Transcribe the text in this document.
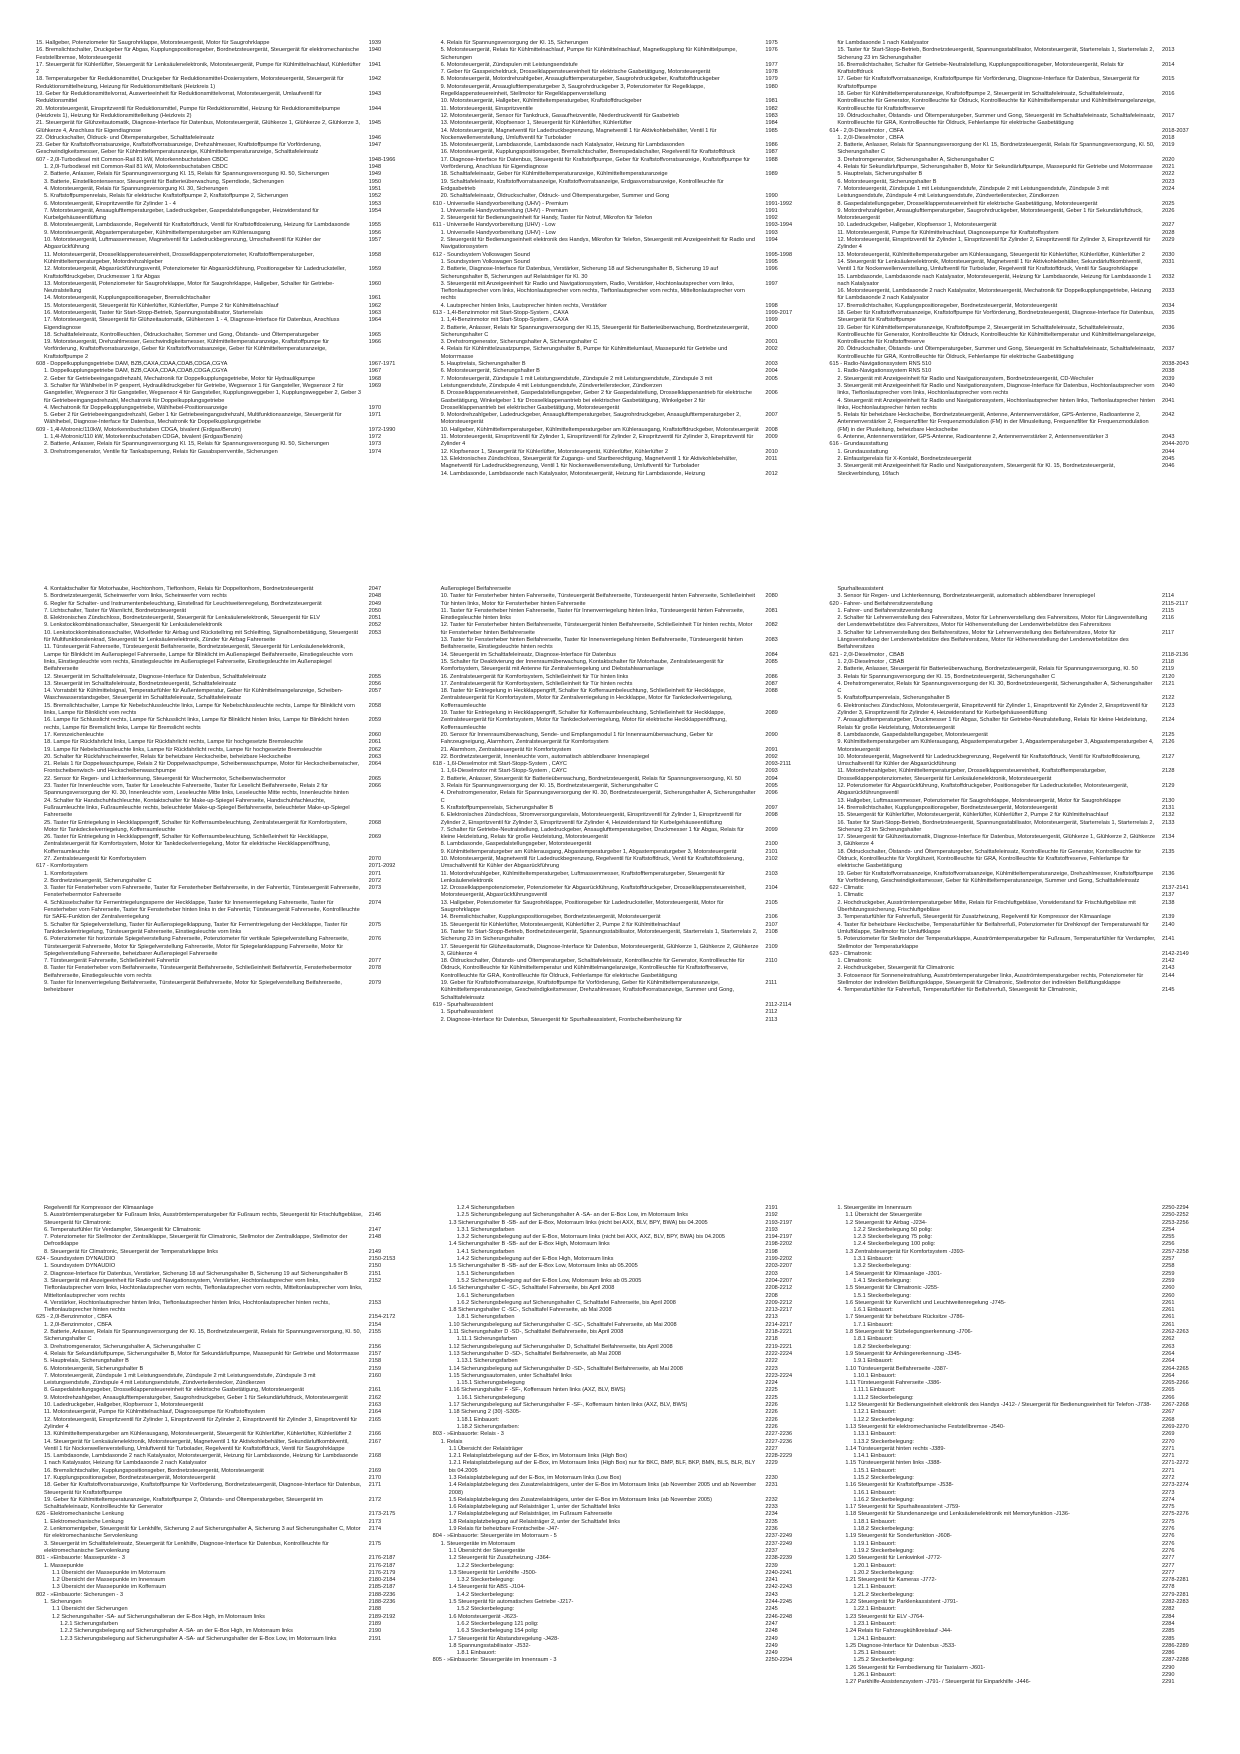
15. Hallgeber, Potenziometer für Saugrohrklappe, Motorsteuergerät, Motor für Saugrohrklappe	1939
16. Bremslichtschalter, Druckgeber für Abgas, Kupplungspositionsgeber, Bordnetzsteuergerät, Steuergerät für elektromechanische Feststellbremse, Motorsteuergerät
1940
17. Steuergerät für Kühlerlüfter, Steuergerät für Lenksäulenelektronik, Motorsteuergerät, Pumpe für Kühlmittelnachlauf, Kühlerlüfter 2
1941
18. Temperaturgeber für Reduktionsmittel, Druckgeber für Reduktionsmittel-Dosiersystem, Motorsteuergerät, Steuergerät für Reduktionsmittelheizung, Heizung für Reduktionsmitteltank (Heizkreis 1)
1942
19. Geber für Reduktionsmittelvorrat, Auswerteeinheit für Reduktionsmittelvorrat, Motorsteuergerät, Umlaufventil für Reduktionsmittel
1943
20. Motorsteuergerät, Einspritzventil für Reduktionsmittel, Pumpe für Reduktionsmittel, Heizung für Reduktionsmittelpumpe (Heizkreis 1), Heizung für Reduktionsmittelleitung (Heizkreis 2)
1944
21. Steuergerät für Glühzeitautomatik, Diagnose-Interface für Datenbus, Motorsteuergerät, Glühkerze 1, Glühkerze 2, Glühkerze 3, Glühkerze 4, Anschluss für Eigendiagnose
1945
22. Öldruckschalter, Öldruck- und Öltemperaturgeber, Schalttafeleinsatz	1946
23. Geber für Kraftstoffvorratsanzeige, Kraftstoffvorratsanzeige, Drehzahlmesser, Kraftstoffpumpe für Vorförderung, Geschwindigkeitsmesser, Geber für Kühlmitteltemperaturanzeige, Kühlmitteltemperaturanzeige, Schalttafeleinsatz
1947
607 - 2,0l-Turbodiesel mit Common-Rail 81 kW, Motorkennbuchstaben CBDC	1948-1966
1. 2,0l-Turbodiesel mit Common-Rail 81 kW, Motorkennbuchstaben CBDC	1948
2. Batterie, Anlasser, Relais für Spannungsversorgung Kl. 15, Relais für Spannungsversorgung Kl. 50, Sicherungen	1949
3. Batterie, Einstellkontensensor, Steuergerät für Batterieüberwachung, Sperrdiode, Sicherungen	1950
4. Motorsteuergerät, Relais für Spannungsversorgung Kl. 30, Sicherungen	1951
5. Kraftstoffpumpenrelais, Relais für elektrische Kraftstoffpumpe 2, Kraftstoffpumpe 2, Sicherungen	1952
6. Motorsteuergerät, Einspritzventile für Zylinder 1 - 4	1953
7. Motorsteuergerät, Ansauglufttemperaturgeber, Ladedruckgeber, Gaspedalstellungsgeber, Heizwiderstand für Kurbelgehäuseentlüftung
1954
8. Motorsteuergerät, Lambdasonde, Regelventil für Kraftstoffdruck, Ventil für Kraftstoffdosierung, Heizung für Lambdasonde	1955
9. Motorsteuergerät, Abgastemperaturgeber, Kühlmitteltemperaturgeber am Kühlerausgang	1956
10. Motorsteuergerät, Luftmassenmesser, Magnetventil für Ladedruckbegrenzung, Umschaltventil für Kühler der Abgasrückführung
1957
11. Motorsteuergerät, Drosselklappensteuereinheit, Drosselklappenpotenziometer, Kraftstofftemperaturgeber, Kühlmitteltemperaturgeber, Motordrehzahlgeber
1958
12. Motorsteuergerät, Abgasrückführungsventil, Potenziometer für Abgasrückführung, Positionsgeber für Ladedrucksteller, Kraftstoffdruckgeber, Druckmesser 1 für Abgas
1959
13. Motorsteuergerät, Potenziometer für Saugrohrklappe, Motor für Saugrohrklappe, Hallgeber, Schalter für Getriebe-Neutralstellung
1960
14. Motorsteuergerät, Kupplungspositionsgeber, Bremslichtschalter	1961
15. Motorsteuergerät, Steuergerät für Kühlerlüfter, Kühlerlüfter, Pumpe 2 für Kühlmittelnachlauf	1962
16. Motorsteuergerät, Taster für Start-Stopp-Betrieb, Spannungsstabilisator, Starterrelais	1963
17. Motorsteuergerät, Steuergerät für Glühzeitautomatik, Glühkerzen 1 - 4, Diagnose-Interface für Datenbus, Anschluss Eigendiagnose
1964
18. Schalttafeleinsatz, Kontrollleuchten, Öldruckschalter, Sommer und Gong, Ölstands- und Öltemperaturgeber	1965
19. Motorsteuergerät, Drehzahlmesser, Geschwindigkeitsmesser, Kühlmitteltemperaturanzeige, Kraftstoffpumpe für Vorförderung, Kraftstoffvorratsanzeige, Geber für Kraftstoffvorratsanzeige, Geber für Kühlmitteltemperaturanzeige, Kraftstoffpumpe 2
1966
608 - Doppelkupplungsgetriebe DAM, BZB,CAXA,CDAA,CDAB,CDGA,CGYA	1967-1971
1. Doppelkupplungsgetriebe DAM, BZB,CAXA,CDAA,CDAB,CDGA,CGYA	1967
2. Geber für Getriebeeingangsdrehzahl, Mechatronik für Doppelkupplungsgetriebe, Motor für Hydraulikpumpe	1968
3. Schalter für Wählhebel in P gesperrt, Hydraulikdruckgeber für Getriebe, Wegsensor 1 für Gangsteller, Wegsensor 2 für Gangsteller, Wegsensor 3 für Gangsteller, Wegsensor 4 für Gangsteller, Kupplungsweggeber 1, Kupplungsweggeber 2, Geber 3 für Getriebeeingangsdrehzahl, Mechatronik für Doppelkupplungsgetriebe
1969
4. Mechatronik für Doppelkupplungsgetriebe, Wählhebel-Positionsanzeige	1970
5. Geber 2 für Getriebeeingangsdrehzahl, Geber 1 für Getriebeeingangsdrehzahl, Multifunktionsanzeige, Steuergerät für Wählhebel, Diagnose-Interface für Datenbus, Mechatronik für Doppelkupplungsgetriebe
1971
609 - 1,4l-Motronic/110kW, Motorkennbuchstaben CDGA, bivalent (Erdgas/Benzin)	1972-1990
1. 1,4l-Motronic/110 kW, Motorkennbuchstaben CDGA, bivalent (Erdgas/Benzin)	1972
2. Batterie, Anlasser, Relais für Spannungsversorgung Kl. 15, Relais für Spannungsversorgung Kl. 50, Sicherungen	1973
3. Drehstromgenerator, Ventile für Tankabsperrung, Relais für Gasabsperrventile, Sicherungen	1974
4. Relais für Spannungsversorgung der Kl. 15, Sicherungen	1975
5. Motorsteuergerät, Relais für Kühlmittelnachlauf, Pumpe für Kühlmittelnachlauf, Magnetkupplung für Kühlmittelpumpe, Sicherungen
1976
6. Motorsteuergerät, Zündspulen mit Leistungsendstufe	1977
7. Geber für Gasspeicheldruck, Drosselklappensteuereinheit für elektrische Gasbetätigung, Motorsteuergerät	1978
8. Motorsteuergerät, Motordrehzahlgeber, Ansauglufttemperaturgeber, Saugrohrdruckgeber, Kraftstoffdruckgeber	1979
9. Motorsteuergerät, Ansauglufttemperaturgeber 3, Saugrohrdruckgeber 3, Potenziometer für Regelklappe, Regelklappensteuereinheit, Stellmotor für Regelklappenverstellung
1980
10. Motorsteuergerät, Hallgeber, Kühlmitteltemperaturgeber, Kraftstoffdruckgeber	1981
11. Motorsteuergerät, Einspritzventile	1982
12. Motorsteuergerät, Sensor für Tankdruck, Gasaufheizventile, Niederdruckventil für Gasbetrieb	1983
13. Motorsteuergerät, Klopfsensor 1, Steuergerät für Kühlerlüfter, Kühlerlüfter	1984
14. Motorsteuergerät, Magnetventil für Ladedruckbegrenzung, Magnetventil 1 für Aktivkohlebehälter, Ventil 1 für Nockenwellenverstellung, Umluftventil für Turbolader
1985
15. Motorsteuergerät, Lambdasonde, Lambdasonde nach Katalysator, Heizung für Lambdasonden	1986
16. Motorsteuergerät, Kupplungspositionsgeber, Bremslichtschalter, Bremspedalschalter, Regelventil für Kraftstoffdruck	1987
17. Diagnose-Interface für Datenbus, Steuergerät für Kraftstoffpumpe, Geber für Kraftstoffvorratsanzeige, Kraftstoffpumpe für Vorförderung, Anschluss für Eigendiagnose
1988
18. Schalttafeleinsatz, Geber für Kühlmitteltemperaturanzeige, Kühlmitteltemperaturanzeige	1989
19. Schalttafeleinsatz, Kraftstoffvorratsanzeige, Kraftstoffvorratsanzeige, Erdgasvorratsanzeige, Kontrollleuchte für Erdgasbetrieb
20. Schalttafeleinsatz, Öldruckschalter, Öldruck- und Öltemperaturgeber, Summer und Gong	1990
610 - Universelle Handyvorbereitung (UHV) - Premium	1991-1992
1. Universelle Handyvorbereitung (UHV) - Premium	1991
2. Steuergerät für Bedienungseinheit für Handy, Taster für Notruf, Mikrofon für Telefon	1992
611 - Universelle Handyvorbereitung (UHV) - Low	1993-1994
1. Universelle Handyvorbereitung (UHV) - Low	1993
2. Steuergerät für Bedienungseinheit elektronik des Handys, Mikrofon für Telefon, Steuergerät mit Anzeigeeinheit für Radio und Navigationssystem
1994
612 - Soundsystem Volkswagen Sound	1995-1998
1. Soundsystem Volkswagen Sound	1995
2. Batterie, Diagnose-Interface für Datenbus, Verstärker, Sicherung 18 auf Sicherungshalter B, Sicherung 19 auf Sicherungshalter B, Sicherungen auf Relaisträger für Kl. 30
1996
3. Steuergerät mit Anzeigeeinheit für Radio und Navigationssystem, Radio, Verstärker, Hochtonlautsprecher vorn links, Tieftonlautsprecher vorn links, Hochtonlautsprecher vorn rechts, Tieftonlautsprecher vorn rechts, Mitteltonlautsprecher vorn rechts
1997
4. Lautsprecher hinten links, Lautsprecher hinten rechts, Verstärker	1998
613 - 1,4l-Benzinmotor mit Start-Stopp-System , CAXA	1999-2017
1. 1,4l-Benzinmotor mit Start-Stopp-System , CAXA	1999
2. Batterie, Anlasser, Relais für Spannungsversorgung der Kl.15, Steuergerät für Batterieüberwachung, Bordnetzsteuergerät, Sicherungshalter C
2000
3. Drehstromgenerator, Sicherungshalter A, Sicherungshalter C	2001
4. Relais für Kühlmittelzusatzpumpe, Sicherungshalter B, Pumpe für Kühlmittelumlauf, Massepunkt für Getriebe und Motorrmasse
2002
5. Hauptrelais, Sicherungshalter B	2003
6. Motorsteuergerät, Sicherungshalter B	2004
7. Motorsteuergerät, Zündspule 1 mit Leistungsendstufe, Zündspule 2 mit Leistungsendstufe, Zündspule 3 mit Leistungsendstufe, Zündspule 4 mit Leistungsendstufe, Zündverteilerstecker, Zündkerzen
2005
8. Drosselklappensteuereinheit, Gaspedalstellungsgeber, Geber 2 für Gaspedalstellung, Drosselklappenantrieb für elektrische Gasbetätigung, Winkelgeber 1 für Drosselklappenantrieb bei elektrischer Gasbetätigung, Winkelgeber 2 für Drosselklappenantrieb bei elektrischer Gasbetätigung, Motorsteuergerät
2006
9. Motordrehzahlgeber, Ladedruckgeber, Ansauglufttemperaturgeber, Saugrohrdruckgeber, Ansauglufttemperaturgeber 2, Motorsteuergerät
2007
10. Hallgeber, Kühlmitteltemperaturgeber, Kühlmitteltemperaturgeber am Kühlerausgang, Kraftstoffdruckgeber, Motorsteuergerät	2008
11. Motorsteuergerät, Einspritzventil für Zylinder 1, Einspritzventil für Zylinder 2, Einspritzventil für Zylinder 3, Einspritzventil für Zylinder 4
2009
12. Klopfsensor 1, Steuergerät für Kühlerlüfter, Motorsteuergerät, Kühlerlüfter, Kühlerlüfter 2	2010
13. Elektronisches Zündschloss, Steuergerät für Zugangs- und Startberechtigung, Magnetventil 1 für Aktivkohlebehälter, Magnetventil für Ladedruckbegrenzung, Ventil 1 für Nockenwellenverstellung, Umluftventil für Turbolader
2011
14. Lambdasonde, Lambdasonde nach Katalysator, Motorsteuergerät, Heizung für Lambdasonde, Heizung	2012
für Lambdasonde 1 nach Katalysator
15. Taster für Start-Stopp-Betrieb, Bordnetzsteuergerät, Spannungsstabilisator, Motorsteuergerät, Starterrelais 1, Starterrelais 2, Sicherung 23 im Sicherungshalter
2013
16. Bremslichtschalter, Schalter für Getriebe-Neutralstellung, Kupplungspositionsgeber, Motorsteuergerät, Relais für Kraftstoffdruck
2014
17. Geber für Kraftstoffvorratsanzeige, Kraftstoffpumpe für Vorförderung, Diagnose-Interface für Datenbus, Steuergerät für Kraftstoffpumpe
2015
18. Geber für Kühlmitteltemperaturanzeige, Kraftstoffpumpe 2, Steuergerät im Schalttafeleinsatz, Schalttafeleinsatz, Kontrollleuchte für Generator, Kontrollleuchte für Öldruck, Kontrollleuchte für Kühlmitteltemperatur und Kühlmittelmangelanzeige, Kontrollleuchte für Kraftstoffreserve
2016
19. Öldruckschalter, Ölstands- und Öltemperaturgeber, Summer und Gong, Steuergerät im Schalttafeleinsatz, Schalttafeleinsatz, Kontrollleuchte für GRA, Kontrollleuchte für Öldruck, Fehlerlampe für elektrische Gasbetätigung
2017
614 - 2,0l-Dieselmotor , CBFA	2018-2037
1. 2,0l-Dieselmotor , CBFA	2018
2. Batterie, Anlasser, Relais für Spannungsversorgung der Kl. 15, Bordnetzsteuergerät, Relais für Spannungsversorgung, Kl. 50, Sicherungshalter C
2019
3. Drehstromgenerator, Sicherungshalter A, Sicherungshalter C	2020
4. Relais für Sekundärluftpumpe, Sicherungshalter B, Motor für Sekundärluftpumpe, Massepunkt für Getriebe und Motorrmasse	2021
5. Hauptrelais, Sicherungshalter B	2022
6. Motorsteuergerät, Sicherungshalter B	2023
7. Motorsteuergerät, Zündspule 1 mit Leistungsendstufe, Zündspule 2 mit Leistungsendstufe, Zündspule 3 mit Leistungsendstufe, Zündspule 4 mit Leistungsendstufe, Zündverteilerstecker, Zündkerzen
2024
8. Gaspedalstellungsgeber, Drosselklappensteuereinheit für elektrische Gasbetätigung, Motorsteuergerät	2025
9. Motordrehzahlgeber, Ansauglufttemperaturgeber, Saugrohrdruckgeber, Motorsteuergerät, Geber 1 für Sekundärluftdruck, Motorsteuergerät
2026
10. Ladedruckgeber, Hallgeber, Klopfsensor 1, Motorsteuergerät	2027
11. Motorsteuergerät, Pumpe für Kühlmittelnachlauf, Diagnosepumpe für Kraftstoffsystem	2028
12. Motorsteuergerät, Einspritzventil für Zylinder 1, Einspritzventil für Zylinder 2, Einspritzventil für Zylinder 3, Einspritzventil für Zylinder 4
2029
13. Motorsteuergerät, Kühlmitteltemperaturgeber am Kühlerausgang, Steuergerät für Kühlerlüfter, Kühlerlüfter, Kühlerlüfter 2	2030
14. Steuergerät für Lenksäulenelektronik, Motorsteuergerät, Magnetventil 1 für Aktivkohlebehälter, Sekundärluftkombiventil, Ventil 1 für Nockenwellenverstellung, Umluftventil für Turbolader, Regelventil für Kraftstoffdruck, Ventil für Saugrohrklappe
2031
15. Lambdasonde, Lambdasonde nach Katalysator, Motorsteuergerät, Heizung für Lambdasonde, Heizung für Lambdasonde 1 nach Katalysator
2032
16. Motorsteuergerät, Lambdasonde 2 nach Katalysator, Motorsteuergerät, Mechatronik für Doppelkupplungsgetriebe, Heizung für Lambdasonde 2 nach Katalysator
2033
17. Bremslichtschalter, Kupplungspositionsgeber, Bordnetzsteuergerät, Motorsteuergerät	2034
18. Geber für Kraftstoffvorratsanzeige, Kraftstoffpumpe für Vorförderung, Bordnetzsteuergerät, Diagnose-Interface für Datenbus, Steuergerät für Kraftstoffpumpe
2035
19. Geber für Kühlmitteltemperaturanzeige, Kraftstoffpumpe 2, Steuergerät im Schalttafeleinsatz, Schalttafeleinsatz, Kontrollleuchte für Generator, Kontrollleuchte für Öldruck, Kontrollleuchte für Kühlmitteltemperatur und Kühlmittelmangelanzeige, Kontrollleuchte für Kraftstoffreserve
2036
20. Öldruckschalter, Ölstands- und Öltemperaturgeber, Summer und Gong, Steuergerät im Schalttafeleinsatz, Schalttafeleinsatz, Kontrollleuchte für GRA, Kontrollleuchte für Öldruck, Fehlerlampe für elektrische Gasbetätigung
2037
615 - Radio-Navigationssystem RNS 510	2038-2043
1. Radio-Navigationssystem RNS 510	2038
2. Steuergerät mit Anzeigeeinheit für Radio und Navigationssystem, Bordnetzsteuergerät, CD-Wechsler	2039
3. Steuergerät mit Anzeigeeinheit für Radio und Navigationssystem, Diagnose-Interface für Datenbus, Hochtonlautsprecher vorn links, Tieftonlautsprecher vorn links, Hochtonlautsprecher vorn rechts
2040
4. Steuergerät mit Anzeigeeinheit für Radio und Navigationssystem, Hochtonlautsprecher hinten links, Tieftonlautsprecher hinten links, Hochtonlautsprecher hinten rechts
2041
5. Relais für beheizbare Heckscheibe, Bordnetzsteuergerät, Antenne, Antennenverstärker, GPS-Antenne, Radioantenne 2, Antennenverstärker 2, Frequenzfilter für Frequenzmodulation (FM) in der Minusleitung, Frequenzfilter für Frequenzmodulation (FM) in der Plusleitung, beheizbare Heckscheibe
2042
6. Antenne, Antennenverstärker, GPS-Antenne, Radioantenne 2, Antennenverstärker 2, Antennenverstärker 3	2043
616 - Grundausstattung	2044-2070
1. Grundausstattung	2044
2. Einfaustgerelais für X-Kontakt, Bordnetzsteuergerät	2045
3. Steuergerät mit Anzeigeeinheit für Radio und Navigationssystem, Steuergerät für Kl. 15, Bordnetzsteuergerät, Steckverbindung, 16fach
2046
4. Kontaktschalter für Motorhaube, Hochtonhorn, Tieftonhorn, Relais für Doppeltonhorn, Bordnetzsteuergerät	2047
5. Bordnetzsteuergerät, Scheinwerfer vorn links, Scheinwerfer vorn rechts	2048
6. Regler für Schalter- und Instrumentenbeleuchtung, Einstellrad für Leuchtweitenregelung, Bordnetzsteuergerät	2049
7. Lichtschalter, Taster für Warnlicht, Bordnetzsteuergerät	2050
8. Elektronisches Zündschloss, Bordnetzsteuergerät, Steuergerät für Lenksäulenelektronik, Steuergerät für ELV	2051
9. Lenkstockkombinationsschalter, Steuergerät für Lenksäulenelektronik	2052
10. Lenkstockkombinationsschalter, Wickelfeder für Airbag und Rückstellring mit Schleifring, Signalhornbetätigung, Steuergerät für Multifunktionslenkrad, Steuergerät für Lenksäulenelektronik, Zünder für Airbag Fahrerseite
2053
11. Türsteuergerät Fahrerseite, Türsteuergerät Beifahrerseite, Bordnetzsteuergerät, Steuergerät für Lenksäulenelektronik, Lampe für Blinklicht im Außenspiegel Fahrerseite, Lampe für Blinklicht im Außenspiegel Beifahrerseite, Einstiegsleuchte vorn links, Einstiegsleuchte vorn rechts, Einstiegsleuchte im Außenspiegel Fahrerseite, Einstiegsleuchte im Außenspiegel Beifahrerseite
12. Steuergerät im Schalttafeleinsatz, Diagnose-Interface für Datenbus, Schalttafeleinsatz	2055
13. Steuergerät im Schalttafeleinsatz, Bordnetzsteuergerät, Schalttafeleinsatz	2056
14. Vorratsbit für Kühlmittelsignal, Temperaturfühler für Außentemperatur, Geber für Kühlmittelmangelanzeige, Scheiben-Waschwasserstandsgeber, Steuergerät im Schalttafeleinsatz, Schalttafeleinsatz
2057
15. Bremslichtschalter, Lampe für Nebelschlussleuchte links, Lampe für Nebelschlussleuchte rechts, Lampe für Blinklicht vorn links, Lampe für Blinklicht vorn rechts
2058
16. Lampe für Schlusslicht rechts, Lampe für Schlusslicht links, Lampe für Blinklicht hinten links, Lampe für Blinklicht hinten rechts, Lampe für Bremslicht links, Lampe für Bremslicht rechts
2059
17. Kennzeichenleuchte	2060
18. Lampe für Rückfahrlicht links, Lampe für Rückfahrlicht rechts, Lampe für hochgesetzte Bremsleuchte	2061
19. Lampe für Nebelschlussleuchte links, Lampe für Rückfahrlicht rechts, Lampe für hochgesetzte Bremsleuchte	2062
20. Schalter für Rückfahrscheinwerfer, Relais für beheizbare Heckscheibe, beheizbare Heckscheibe	2063
21. Relais 1 für Doppelwaschpumpe, Relais 2 für Doppelwaschpumpe, Scheibenwaschpumpe, Motor für Heckscheibenwischer, Frontscheibenwisch- und Heckscheibenwaschpumpe
2064
22. Sensor für Regen- und Lichterkennung, Steuergerät für Wischermotor, Scheibenwischermotor	2065
23. Taster für Innenleuchte vorn, Taster für Leseleuchte Fahrerseite, Taster für Leselicht Beifahrerseite, Relais 2 für Spannungsversorgung der Kl. 30, Innenleuchte vorn, Leseleuchte Mitte links, Leseleuchte Mitte rechts, Innenleuchte hinten
2066
24. Schalter für Handschuhfachleuchte, Kontaktschalter für Make-up-Spiegel Fahrerseite, Handschuhfachleuchte, Fußraumleuchte links, Fußraumleuchte rechts, beleuchteter Make-up-Spiegel Beifahrerseite, beleuchteter Make-up-Spiegel Fahrerseite
25. Taster für Entriegelung in Heckklappengriff, Schalter für Kofferraumbeleuchtung, Zentralsteuergerät für Komfortsystem, Motor für Tankdeckelverriegelung, Kofferraumleuchte
2068
26. Taster für Entriegelung in Heckklappengriff, Schalter für Kofferraumbeleuchtung, Schließeinheit für Heckklappe, Zentralsteuergerät für Komfortsystem, Motor für Tankdeckelverriegelung, Motor für elektrische Heckklappenöffnung, Kofferraumleuchte
2069
27. Zentralsteuergerät für Komfortsystem	2070
617 - Komfortsystem	2071-2092
1. Komfortsystem	2071
2. Bordnetzsteuergerät, Sicherungshalter C	2072
3. Taster für Fensterheber vorn Fahrerseite, Taster für Fensterheber Beifahrerseite, in der Fahrertür, Türsteuergerät Fahrerseite, Fensterhebermotor Fahrerseite
2073
4. Schlüsselschalter für Fernentriegelungssperre der Heckklappe, Taster für Innenverriegelung Fahrerseite, Taster für Fensterheber vorn Fahrerseite, Taster für Fensterheber hinten links in der Fahrertür, Türsteuergerät Fahrerseite, Kontrollleuchte für SAFE-Funktion der Zentralverriegelung
2074
5. Schalter für Spiegelverstellung, Taster für Außenspiegelklappung, Taster für Fernentriegelung der Heckklappe, Taster für Tankdeckelentriegelung, Türsteuergerät Fahrerseite, Einstiegsleuchte vorn links
2075
6. Potenziometer für horizontale Spiegelverstellung Fahrerseite, Potenziometer für vertikale Spiegelverstellung Fahrerseite, Türsteuergerät Fahrerseite, Motor für Spiegelverstellung Fahrerseite, Motor für Spiegelanklappung Fahrerseite, Motor für Spiegelverstellung Fahrerseite, beheizbarer Außenspiegel Fahrerseite
2076
7. Türsteuergerät Fahrerseite, Schließeinheit Fahrertür	2077
8. Taster für Fensterheber vorn Beifahrerseite, Türsteuergerät Beifahrerseite, Schließeinheit Beifahrertür, Fensterhebermotor Beifahrerseite, Einstiegsleuchte vorn rechts
2078
9. Taster für Innenverriegelung Beifahrerseite, Türsteuergerät Beifahrerseite, Motor für Spiegelverstellung Beifahrerseite, beheizbarer
2079
Außenspiegel Beifahrerseite
10. Taster für Fensterheber hinten Fahrerseite, Türsteuergerät Beifahrerseite, Türsteuergerät hinten Fahrerseite, Schließeinheit Tür hinten links, Motor für Fensterheber hinten Fahrerseite
2080
11. Taster für Fensterheber hinten Fahrerseite, Taster für Innenverriegelung hinten links, Türsteuergerät hinten Fahrerseite, Einstiegsleuchte hinten links
2081
12. Taster für Fensterheber hinten Beifahrerseite, Türsteuergerät hinten Beifahrerseite, Schließeinheit Tür hinten rechts, Motor für Fensterheber hinten Beifahrerseite
2082
13. Taster für Fensterheber hinten Beifahrerseite, Taster für Innenverriegelung hinten Beifahrerseite, Türsteuergerät hinten Beifahrerseite, Einstiegsleuchte hinten rechts
2083
14. Steuergerät im Schalttafeleinsatz, Diagnose-Interface für Datenbus	2084
15. Schalter für Deaktivierung der Innenraumüberwachung, Kontaktschalter für Motorhaube, Zentralsteuergerät für Komfortsystem, Steuergerät mit Antenne für Zentralverriegelung und Diebstahlwarnanlage
2085
16. Zentralsteuergerät für Komfortsystem, Schließeinheit für Tür hinten links	2086
17. Zentralsteuergerät für Komfortsystem, Schließeinheit für Tür hinten rechts	2087
18. Taster für Entriegelung in Heckklappengriff, Schalter für Kofferraumbeleuchtung, Schließeinheit für Heckklappe, Zentralsteuergerät für Komfortsystem, Motor für Zentralverriegelung in Heckklappe, Motor für Tankdeckelverriegelung, Kofferraumleuchte
2088
19. Taster für Entriegelung in Heckklappengriff, Schalter für Kofferraumbeleuchtung, Schließeinheit für Heckklappe, Zentralsteuergerät für Komfortsystem, Motor für Tankdeckelverriegelung, Motor für elektrische Heckklappenöffnung, Kofferraumleuchte
2089
20. Sensor für Innenraumüberwachung, Sende- und Empfangsmodul 1 für Innenraumüberwachung, Geber für Fahrzeugneigung, Alarmhorn, Zentralsteuergerät für Komfortsystem
2090
21. Alarmhorn, Zentralsteuergerät für Komfortsystem	2091
22. Bordnetzsteuergerät, Innenleuchte vorn, automatisch abblendbarer Innenspiegel	2092
618 - 1,6l-Dieselmotor mit Start-Stopp-System , CAYC	2093-2111
1. 1,6l-Dieselmotor mit Start-Stopp-System , CAYC	2093
2. Batterie, Anlasser, Steuergerät für Batterieüberwachung, Bordnetzsteuergerät, Relais für Spannungsversorgung, Kl. 50	2094
3. Relais für Spannungsversorgung der Kl. 15, Bordnetzsteuergerät, Sicherungshalter C	2095
4. Drehstromgenerator, Relais für Spannungsversorgung der Kl. 30, Bordnetzsteuergerät, Sicherungshalter A, Sicherungshalter C
2096
5. Kraftstoffpumpenrelais, Sicherungshalter B	2097
6. Elektronisches Zündschloss, Stromversorgungsrelais, Motorsteuergerät, Einspritzventil für Zylinder 1, Einspritzventil für Zylinder 2, Einspritzventil für Zylinder 3, Einspritzventil für Zylinder 4, Heizwiderstand für Kurbelgehäuseentlüftung
2098
7. Schalter für Getriebe-Neutralstellung, Ladedruckgeber, Ansauglufttemperaturgeber, Druckmesser 1 für Abgas, Relais für kleine Heizleistung, Relais für große Heizleistung, Motorsteuergerät
2099
8. Lambdasonde, Gaspedalstellungsgeber, Motorsteuergerät	2100
9. Kühlmitteltemperaturgeber am Kühlerausgang, Abgastemperaturgeber 1, Abgastemperaturgeber 3, Motorsteuergerät	2101
10. Motorsteuergerät, Magnetventil für Ladedruckbegrenzung, Regelventil für Kraftstoffdruck, Ventil für Kraftstoffdosierung, Umschaltventil für Kühler der Abgasrückführung
2102
11. Motordrehzahlgeber, Kühlmitteltemperaturgeber, Luftmassenmesser, Kraftstofftemperaturgeber, Steuergerät für Lenksäulenelektronik
2103
12. Drosselklappenpotenziometer, Potenziometer für Abgasrückführung, Kraftstoffdruckgeber, Drosselklappensteuereinheit, Motorsteuergerät, Abgasrückführungsventil
2104
13. Hallgeber, Potenziometer für Saugrohrklappe, Positionsgeber für Ladedrucksteller, Motorsteuergerät, Motor für Saugrohrklappe
2105
14. Bremslichtschalter, Kupplungspositionsgeber, Bordnetzsteuergerät, Motorsteuergerät	2106
15. Steuergerät für Kühlerlüfter, Motorsteuergerät, Kühlerlüfter 2, Pumpe 2 für Kühlmittelnachlauf	2107
16. Taster für Start-Stopp-Betrieb, Bordnetzsteuergerät, Spannungsstabilisator, Motorsteuergerät, Starterrelais 1, Starterrelais 2, Sicherung 23 im Sicherungshalter
2108
17. Steuergerät für Glühzeitautomatik, Diagnose-Interface für Datenbus, Motorsteuergerät, Glühkerze 1, Glühkerze 2, Glühkerze 3, Glühkerze 4
2109
18. Öldruckschalter, Ölstands- und Öltemperaturgeber, Schalttafeleinsatz, Kontrollleuchte für Generator, Kontrollleuchte für Öldruck, Kontrollleuchte für Kühlmitteltemperatur und Kühlmittelmangelanzeige, Kontrollleuchte für Kraftstoffreserve, Kontrollleuchte für GRA, Kontrollleuchte für Öldruck, Fehlerlampe für elektrische Gasbetätigung
2110
19. Geber für Kraftstoffvorratsanzeige, Kraftstoffpumpe für Vorförderung, Geber für Kühlmitteltemperaturanzeige, Kühlmitteltemperaturanzeige, Geschwindigkeitsmesser, Drehzahlmesser, Kraftstoffvorratsanzeige, Summer und Gong, Schalttafeleinsatz
2111
619 - Spurhalteassistent	2112-2114
1. Spurhalteassistent	2112
2. Diagnose-Interface für Datenbus, Steuergerät für Spurhalteassistent, Frontscheibenheizung für	2113
Spurhalteassistent
3. Sensor für Regen- und Lichterkennung, Bordnetzsteuergerät, automatisch abblendbarer Innenspiegel	2114
620 - Fahrer- und Beifahrersitzverstellung	2115-2117
1. Fahrer- und Beifahrersitzverstellung	2115
2. Schalter für Lehnenverstellung des Fahrersitzes, Motor für Lehnenverstellung des Fahrersitzes, Motor für Längsverstellung der Lendenwirbelstütze des Fahrersitzes, Motor für Höhenverstellung der Lendenwirbelstütze des Fahrersitzes
2116
3. Schalter für Lehnenverstellung des Beifahrersitzes, Motor für Lehnenverstellung des Beifahrersitzes, Motor für Längsverstellung der Lendenwirbelstütze des Beifahrersitzes, Motor für Höhenverstellung der Lendenwirbelstütze des Beifahrersitzes
2117
621 - 2,0l-Dieselmotor , CBAB	2118-2136
1. 2,0l-Dieselmotor , CBAB	2118
2. Batterie, Anlasser, Steuergerät für Batterieüberwachung, Bordnetzsteuergerät, Relais für Spannungsversorgung, Kl. 50	2119
3. Relais für Spannungsversorgung der Kl. 15, Bordnetzsteuergerät, Sicherungshalter C	2120
4. Drehstromgenerator, Relais für Spannungsversorgung der Kl. 30, Bordnetzsteuergerät, Sicherungshalter A, Sicherungshalter C
2121
5. Kraftstoffpumpenrelais, Sicherungshalter B	2122
6. Elektronisches Zündschloss, Motorsteuergerät, Einspritzventil für Zylinder 1, Einspritzventil für Zylinder 2, Einspritzventil für Zylinder 3, Einspritzventil für Zylinder 4, Heizwiderstand für Kurbelgehäuseentlüftung
2123
7. Ansauglufttemperaturgeber, Druckmesser 1 für Abgas, Schalter für Getriebe-Neutralstellung, Relais für kleine Heizleistung, Relais für große Heizleistung, Motorsteuergerät
2124
8. Lambdasonde, Gaspedalstellungsgeber, Motorsteuergerät	2125
9. Kühlmitteltemperaturgeber am Kühlerausgang, Abgastemperaturgeber 1, Abgastemperaturgeber 3, Abgastemperaturgeber 4, Motorsteuergerät
2126
10. Motorsteuergerät, Magnetventil für Ladedruckbegrenzung, Regelventil für Kraftstoffdruck, Ventil für Kraftstoffdosierung, Umschaltventil für Kühler der Abgasrückführung
2127
11. Motordrehzahlgeber, Kühlmitteltemperaturgeber, Drosselklappensteuereinheit, Kraftstofftemperaturgeber, Drosselklappenpotenziometer, Steuergerät für Lenksäulenelektronik, Motorsteuergerät
2128
12. Potenziometer für Abgasrückführung, Kraftstoffdruckgeber, Positionsgeber für Ladedrucksteller, Motorsteuergerät, Abgasrückführungsventil
2129
13. Hallgeber, Luftmassenmesser, Potenziometer für Saugrohrklappe, Motorsteuergerät, Motor für Saugrohrklappe	2130
14. Bremslichtschalter, Kupplungspositionsgeber, Bordnetzsteuergerät, Motorsteuergerät	2131
15. Steuergerät für Kühlerlüfter, Motorsteuergerät, Kühlerlüfter, Kühlerlüfter 2, Pumpe 2 für Kühlmittelnachlauf	2132
16. Taster für Start-Stopp-Betrieb, Bordnetzsteuergerät, Spannungsstabilisator, Motorsteuergerät, Starterrelais 1, Starterrelais 2, Sicherung 23 im Sicherungshalter
2133
17. Steuergerät für Glühzeitautomatik, Diagnose-Interface für Datenbus, Motorsteuergerät, Glühkerze 1, Glühkerze 2, Glühkerze 3, Glühkerze 4
2134
18. Öldruckschalter, Ölstands- und Öltemperaturgeber, Schalttafeleinsatz, Kontrollleuchte für Generator, Kontrollleuchte für Öldruck, Kontrollleuchte für Vorglühzeit, Kontrollleuchte für GRA, Kontrollleuchte für Kraftstoffreserve, Fehlerlampe für elektrische Gasbetätigung
2135
19. Geber für Kraftstoffvorratsanzeige, Kraftstoffvorratsanzeige, Kühlmitteltemperaturanzeige, Drehzahlmesser, Kraftstoffpumpe für Vorförderung, Geschwindigkeitsmesser, Geber für Kühlmitteltemperaturanzeige, Summer und Gong, Schalttafeleinsatz
2136
622 - Climatic	2137-2141
1. Climatic	2137
2. Hochdruckgeber, Ausströmtemperaturgeber Mitte, Relais für Frischluftgebläse, Vorwiderstand für Frischluftgebläse mit Überhitzungssicherung, Frischluftgebläse
2138
3. Temperaturfühler für Fahrerfuß, Steuergerät für Zusatzheizung, Regelventil für Kompressor der Klimaanlage	2139
4. Taster für beheizbare Heckscheibe, Temperaturfühler für Beifahrerfuß, Potenziometer für Drehknopf der Temperaturwahl für Umluftklappe, Stellmotor für Umluftklappe
2140
5. Potenziometer für Stellmotor der Temperaturklappe, Ausströmtemperaturgeber für Fußraum, Temperaturfühler für Verdampfer, Stellmotor der Temperaturklappe
2141
623 - Climatronic	2142-2149
1. Climatronic	2142
2. Hochdruckgeber, Steuergerät für Climatronic	2143
3. Fotosensor für Sonneneinstrahlung, Ausströmtemperaturgeber links, Ausströmtemperaturgeber rechts, Potenziometer für Stellmotor der indirekten Belüftungsklappe, Steuergerät für Climatronic, Stellmotor der indirekten Belüftungsklappe
2144
4. Temperaturfühler für Fahrerfuß, Temperaturfühler für Beifahrerfuß, Steuergerät für Climatronic,	2145
Regelventil für Kompressor der Klimaanlage
5. Ausströmtemperaturgeber für Fußraum links, Ausströmtemperaturgeber für Fußraum rechts, Steuergerät für Frischluftgebläse, Steuergerät für Climatronic
2146
6. Temperaturfühler für Verdampfer, Steuergerät für Climatronic	2147
7. Potenziometer für Stellmotor der Zentralklappe, Steuergerät für Climatronic, Stellmotor der Zentralklappe, Stellmotor der Defrostklappe
2148
8. Steuergerät für Climatronic, Steuergerät der Temperaturklappe links	2149
624 - Soundsystem DYNAUDIO	2150-2153
1. Soundsystem DYNAUDIO	2150
2. Diagnose-Interface für Datenbus, Verstärker, Sicherung 18 auf Sicherungshalter B, Sicherung 19 auf Sicherungshalter B	2151
3. Steuergerät mit Anzeigeeinheit für Radio und Navigationssystem, Verstärker, Hochtonlautsprecher vorn links, Tieftonlautsprecher vorn links, Hochtonlautsprecher vorn rechts, Tieftonlautsprecher vorn rechts, Mitteltonlautsprecher vorn links, Mitteltonlautsprecher vorn rechts
2152
4. Verstärker, Hochtonlautsprecher hinten links, Tieftonlautsprecher hinten links, Hochtonlautsprecher hinten rechts, Tieftonlautsprecher hinten rechts
2153
625 - 2,0l-Benzinmotor , CBFA	2154-2172
1. 2,0l-Benzinmotor , CBFA	2154
2. Batterie, Anlasser, Relais für Spannungsversorgung der Kl. 15, Bordnetzsteuergerät, Relais für Spannungsversorgung, Kl. 50, Sicherungshalter C
2155
3. Drehstromgenerator, Sicherungshalter A, Sicherungshalter C	2156
4. Relais für Sekundärluftpumpe, Sicherungshalter B, Motor für Sekundärluftpumpe, Massepunkt für Getriebe und Motorrmasse	2157
5. Hauptrelais, Sicherungshalter B	2158
6. Motorsteuergerät, Sicherungshalter B	2159
7. Motorsteuergerät, Zündspule 1 mit Leistungsendstufe, Zündspule 2 mit Leistungsendstufe, Zündspule 3 mit Leistungsendstufe, Zündspule 4 mit Leistungsendstufe, Zündverteilerstecker, Zündkerzen
2160
8. Gaspedalstellungsgeber, Drosselklappensteuereinheit für elektrische Gasbetätigung, Motorsteuergerät	2161
9. Motordrehzahlgeber, Ansauglufttemperaturgeber, Saugrohrdruckgeber, Geber 1 für Sekundärluftdruck, Motorsteuergerät	2162
10. Ladedruckgeber, Hallgeber, Klopfsensor 1, Motorsteuergerät	2163
11. Motorsteuergerät, Pumpe für Kühlmittelnachlauf, Diagnosepumpe für Kraftstoffsystem	2164
12. Motorsteuergerät, Einspritzventil für Zylinder 1, Einspritzventil für Zylinder 2, Einspritzventil für Zylinder 3, Einspritzventil für Zylinder 4
2165
13. Kühlmitteltemperaturgeber am Kühlerausgang, Motorsteuergerät, Steuergerät für Kühlerlüfter, Kühlerlüfter, Kühlerlüfter 2	2166
14. Steuergerät für Lenksäulenelektronik, Motorsteuergerät, Magnetventil 1 für Aktivkohlebehälter, Sekundärluftkombiventil, Ventil 1 für Nockenwellenverstellung, Umluftventil für Turbolader, Regelventil für Kraftstoffdruck, Ventil für Saugrohrklappe
2167
15. Lambdasonde, Lambdasonde 2 nach Katalysator, Motorsteuergerät, Heizung für Lambdasonde, Heizung für Lambdasonde 1 nach Katalysator, Heizung für Lambdasonde 2 nach Katalysator
2168
16. Bremslichtschalter, Kupplungspositionsgeber, Bordnetzsteuergerät, Motorsteuergerät	2169
17. Kupplungspositionsgeber, Bordnetzsteuergerät, Motorsteuergerät	2170
18. Geber für Kraftstoffvorratsanzeige, Kraftstoffpumpe für Vorförderung, Bordnetzsteuergerät, Diagnose-Interface für Datenbus, Steuergerät für Kraftstoffpumpe
2171
19. Geber für Kühlmitteltemperaturanzeige, Kraftstoffpumpe 2, Ölstands- und Öltemperaturgeber, Steuergerät im Schalttafeleinsatz, Kontrollleuchte für Generator
2172
626 - Elektromechanische Lenkung	2173-2175
1. Elektromechanische Lenkung	2173
2. Lenkmomentgeber, Steuergerät für Lenkhilfe, Sicherung 2 auf Sicherungshalter A, Sicherung 3 auf Sicherungshalter C, Motor für elektromechanische Servolenkung
2174
3. Steuergerät im Schalttafeleinsatz, Steuergerät für Lenkhilfe, Diagnose-Interface für Datenbus, Kontrollleuchte für elektromechanische Servolenkung
2175
801 - »Einbauorte: Massepunkte - 3	2176-2187
1. Massepunkte	2176-2187
1.1 Übersicht der Massepunkte im Motorraum	2176-2179
1.2 Übersicht der Massepunkte im Innenraum	2180-2184
1.3 Übersicht der Massepunkte im Kofferraum	2185-2187
802 - »Einbauorte: Sicherungen - 3	2188-2236
1. Sicherungen	2188-2236
1.1 Übersicht der Sicherungen	2188
1.2 Sicherungshalter -SA- auf Sicherungshalteran der E-Box High, im Motorraum links	2189-2192
1.2.1 Sicherungsfarben	2189
1.2.2 Sicherungsbelegung auf Sicherungshalter A -SA- an der E-Box High, im Motorraum links	2190
1.2.3 Sicherungsbelegung auf Sicherungshalter A -SA- auf Sicherungshalter der E-Box Low, im Motorraum links	2191
1.2.4 Sicherungsfarben	2191
1.2.5 Sicherungsbelegung auf Sicherungshalter A -SA- an der E-Box Low, im Motorraum links	2192
1.3 Sicherungshalter B -SB- auf der E-Box, Motorraum links (nicht bei AXX, BLV, BPY, BWA) bis 04.2005	2193-2197
1.3.1 Sicherungsfarben	2193
1.3.2 Sicherungsbelegung auf der E-Box, Motorraum links (nicht bei AXX, AXZ, BLV, BPY, BWA) bis 04.2005	2194-2197
1.4 Sicherungshalter B -SB- auf der E-Box High, Motorraum links	2198-2202
1.4.1 Sicherungsfarben	2198
1.4.2 Sicherungsbelegung auf der E-Box High, Motorraum links	2199-2202
1.5 Sicherungshalter B -SB- auf der E-Box Low, Motorraum links ab 05.2005	2203-2207
1.5.1 Sicherungsfarben	2203
1.5.2 Sicherungsbelegung auf der E-Box Low, Motorraum links ab 05.2005	2204-2207
1.6 Sicherungshalter C -SC-, Schalttafel Fahrerseite, bis April 2008	2208-2212
1.6.1 Sicherungsfarben	2208
1.6.2 Sicherungsbelegung auf Sicherungshalter C, Schalttafel Fahrerseite, bis April 2008	2209-2212
1.8 Sicherungshalter C -SC-, Schalttafel Fahrerseite, ab Mai 2008	2213-2217
1.8.1 Sicherungsfarben	2213
1.10 Sicherungsbelegung auf Sicherungshalter C -SC-, Schalttafel Fahrerseite, ab Mai 2008	2214-2217
1.11 Sicherungshalter D -SD-, Schalttafel Beifahrerseite, bis April 2008	2218-2221
1.11.1 Sicherungsfarben	2218
1.12 Sicherungsbelegung auf Sicherungshalter D, Schalttafel Beifahrerseite, bis April 2008	2219-2221
1.13 Sicherungshalter D -SD-, Schalttafel Beifahrerseite, ab Mai 2008	2222-2224
1.13.1 Sicherungsfarben	2222
1.14 Sicherungsbelegung auf Sicherungshalter D -SD-, Schalttafel Beifahrerseite, ab Mai 2008	2223
1.15 Sicherungsautomaten, unter Schalttafel links	2223-2224
1.15.1 Sicherungsbelegung	2224
1.16 Sicherungshalter F -SF-, Kofferraum hinten links (AXZ, BLV, BWS)	2225
1.16.1 Sicherungsbelegung	2225
1.17 Sicherungsbelegung auf Sicherungshalter F -SF-, Kofferraum hinten links (AXZ, BLV, BWS)	2226
1.18 Sicherung 2 (30) -S305-	2226
1.18.1 Einbauort:	2226
1.18.2 Sicherungsfarben:	2226
803 - »Einbauorte: Relais - 3	2227-2236
1. Relais	2227-2236
1.1 Übersicht der Relaisträger	2227
1.2.1 Relaisplatzbelegung auf der E-Box, im Motorraum links (High Box)	2228-2229
1.2.1 Relaisplatzbelegung auf der E-Box, im Motorraum links (High Box) nur für BKC, BMP, BLF, BKP, BMN, BLS, BLR, BLY bis 04.2005
2229
1.3 Relaisplatzbelegung auf der E-Box, im Motorraum links (Low Box)	2230
1.4 Relaisplatzbelegung des Zusatzrelaisträgers, unter der E-Box im Motorraum links (ab November 2005 und ab November 2008)
2231
1.5 Relaisplatzbelegung des Zusatzrelaisträgers, unter der E-Box im Motorraum links (ab November 2005)	2232
1.6 Relaisplatzbelegung auf Relaisträger 1, unter der Schalttafel links	2233
1.7 Relaisplatzbelegung auf Relaisträger, im Fußraum Fahrerseite	2234
1.8 Relaisplatzbelegung auf Relaisträger 2, unter der Schalttafel links	2235
1.9 Relais für beheizbare Frontscheibe -J47-	2236
804 - »Einbauorte: Steuergeräte im Motorraum - 5	2237-2249
1. Steuergeräte im Motorraum	2237-2249
1.1 Übersicht der Steuergeräte	2237
1.2 Steuergerät für Zusatzheizung -J364-	2238-2239
1.2.2 Steckerbelegung:	2239
1.3 Steuergerät für Lenkhilfe -J500-	2240-2241
1.3.2 Steckerbelegung:	2241
1.4 Steuergerät für ABS -J104-	2242-2243
1.4.2 Steckerbelegung:	2243
1.5 Steuergerät für automatisches Getriebe -J217-	2244-2245
1.5.2 Steckerbelegung:	2245
1.6 Motorsteuergerät -J623-	2246-2248
1.6.2 Steckerbelegung 121 polig:	2247
1.6.3 Steckerbelegung 154 polig:	2248
1.7 Steuergerät für Abstandsregelung -J428-	2249
1.8 Spannungsstabilisator -J532-	2249
1.8.1 Einbauort:	2249
805 - »Einbauorte: Steuergeräte im Innenraum - 3	2250-2294
1. Steuergeräte im Innenraum	2250-2294
1.1 Übersicht der Steuergeräte	2250-2252
1.2 Steuergerät für Airbag -J234-	2253-2256
1.2.2 Steckerbelegung 50 polig:	2254
1.2.3 Steckerbelegung 75 polig:	2255
1.2.4 Steckerbelegung 100 polig:	2256
1.3 Zentralsteuergerät für Komfortsystem -J393-	2257-2258
1.3.1 Einbauort:	2257
1.3.2 Steckerbelegung:	2258
1.4 Steuergerät für Klimaanlage -J301-	2259
1.4.1 Steckerbelegung:	2259
1.5 Steuergerät für Climatronic -J255-	2260
1.5.1 Steckerbelegung:	2260
1.6 Steuergerät für Kurvenlicht und Leuchtweitenregelung -J745-	2261
1.6.1 Einbauort:	2261
1.7 Steuergerät für beheizbare Rücksitze -J786-	2261
1.7.1 Einbauort:	2261
1.8 Steuergerät für Sitzbelegungserkennung -J706-	2262-2263
1.8.1 Einbauort:	2262
1.8.2 Steckerbelegung:	2263
1.9 Steuergerät für Anhängererkennung -J345-	2264
1.9.1 Einbauort:	2264
1.10 Türsteuergerät Beifahrerseite -J387-	2264-2265
1.10.1 Einbauort:	2264
1.11 Türsteuergerät Fahrerseite -J386-	2265-2266
1.11.1 Einbauort:	2265
1.11.2 Steckerbelegung:	2266
1.12 Steuergerät für Bedienungseinheit elektronik des Handys -J412- / Steuergerät für Bedienungseinheit für Telefon -J738-	2267-2268
1.12.1 Einbauort:	2267
1.12.2 Steckerbelegung:	2268
1.13 Steuergerät für elektromechanische Feststellbremse -J540-	2269-2270
1.13.1 Einbauort:	2269
1.13.2 Steckerbelegung:	2270
1.14 Türsteuergerät hinten rechts -J389-	2271
1.14.1 Einbauort:	2271
1.15 Türsteuergerät hinten links -J388-	2271-2272
1.15.1 Einbauort:	2271
1.15.2 Steckerbelegung:	2272
1.16 Steuergerät für Kraftstoffpumpe -J538-	2273-2274
1.16.1 Einbauort:	2273
1.16.2 Steckerbelegung:	2274
1.17 Steuergerät für Spurhalteassistent -J759-	2275
1.18 Steuergerät für Stundenanzeige und Lenksäulenelektronik mit Memoryfunktion -J136-	2275-2276
1.18.1 Einbauort:	2275
1.18.2 Steckerbelegung:	2276
1.19 Steuergerät für Sonderfunktion -J608-	2276
1.19.1 Einbauort:	2276
1.19.2 Steckerbelegung:	2276
1.20 Steuergerät für Lenkwinkel -J772-	2277
1.20.1 Einbauort:	2277
1.20.2 Steckerbelegung:	2277
1.21 Steuergerät für Kameras -J772-	2278-2281
1.21.1 Einbauort:	2278
1.21.2 Steckerbelegung:	2279-2281
1.22 Steuergerät für Parklenkassistent -J791-	2282-2283
1.22.1 Einbauort:	2282
1.23 Steuergerät für ELV -J764-	2284
1.23.1 Einbauort:	2284
1.24 Relais für Fahrzeugkühlkreislauf -J44-	2285
1.24.1 Einbauort:	2285
1.25 Diagnose-Interface für Datenbus -J533-	2286-2289
1.25.1 Einbauort:	2286
1.25.2 Steckerbelegung:	2287-2288
1.26 Steuergerät für Fernbedienung für Taxialarm -J601-	2290
1.26.1 Einbauort:	2290
1.27 Parkhilfe-Assistenzsystem -J791- / Steuergerät für Einparkhilfe -J446-	2291
